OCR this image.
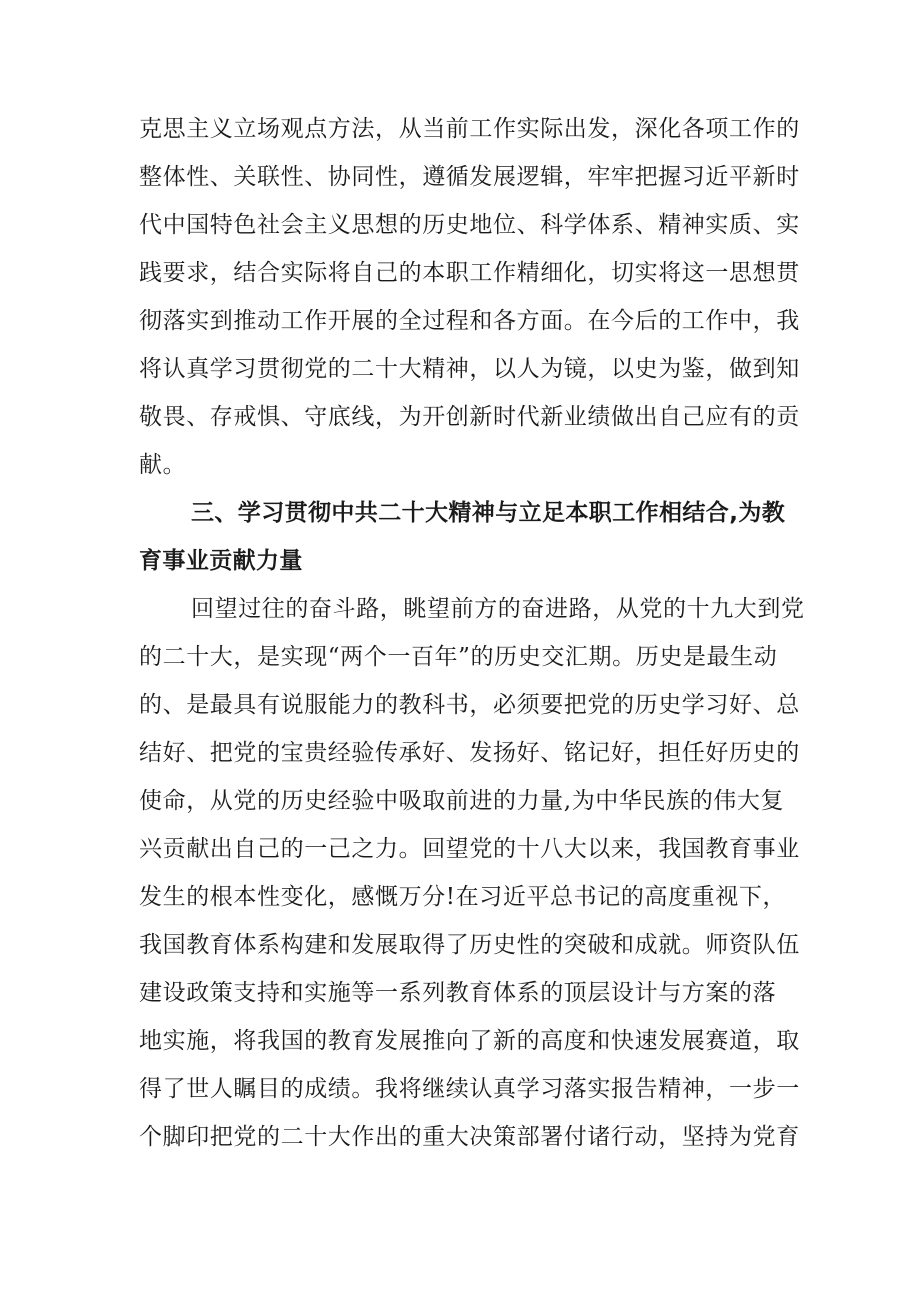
克思主义立场观点方法，从当前工作实际出发，深化各项工作的
整体性、关联性、协同性，遵循发展逻辑，牢牢把握习近平新时
代中国特色社会主义思想的历史地位、科学体系、精神实质、实
践要求，结合实际将自己的本职工作精细化，切实将这一思想贯
彻落实到推动工作开展的全过程和各方面。在今后的工作中，我
将认真学习贯彻党的二十大精神，以人为镜，以史为鉴，做到知
敬畏、存戒惧、守底线，为开创新时代新业绩做出自己应有的贡
献。
三、学习贯彻中共二十大精神与立足本职工作相结合,为教
育事业贡献力量
回望过往的奋斗路，眺望前方的奋进路，从党的十九大到党
的二十大，是实现“两个一百年”的历史交汇期。历史是最生动
的、是最具有说服能力的教科书，必须要把党的历史学习好、总
结好、把党的宝贵经验传承好、发扬好、铭记好，担任好历史的
使命，从党的历史经验中吸取前进的力量,为中华民族的伟大复
兴贡献出自己的一己之力。回望党的十八大以来，我国教育事业
发生的根本性变化，感慨万分!在习近平总书记的高度重视下，
我国教育体系构建和发展取得了历史性的突破和成就。师资队伍
建设政策支持和实施等一系列教育体系的顶层设计与方案的落
地实施，将我国的教育发展推向了新的高度和快速发展赛道，取
得了世人瞩目的成绩。我将继续认真学习落实报告精神，一步一
个脚印把党的二十大作出的重大决策部署付诸行动，坚持为党育
